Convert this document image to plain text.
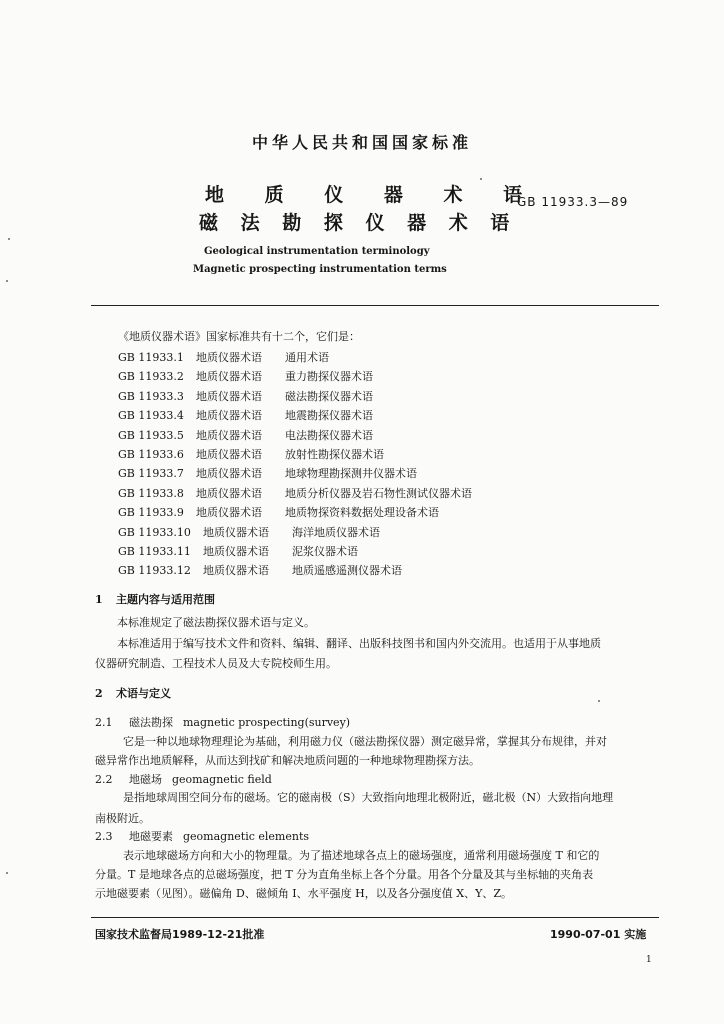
中华人民共和国国家标准
地 质 仪 器 术 语
磁 法 勘 探 仪 器 术 语
GB 11933.3—89
Geological instrumentation terminology
Magnetic prospecting instrumentation terms
《地质仪器术语》国家标准共有十二个，它们是：
GB 11933.1 地质仪器术语 通用术语
GB 11933.2 地质仪器术语 重力勘探仪器术语
GB 11933.3 地质仪器术语 磁法勘探仪器术语
GB 11933.4 地质仪器术语 地震勘探仪器术语
GB 11933.5 地质仪器术语 电法勘探仪器术语
GB 11933.6 地质仪器术语 放射性勘探仪器术语
GB 11933.7 地质仪器术语 地球物理勘探测井仪器术语
GB 11933.8 地质仪器术语 地质分析仪器及岩石物性测试仪器术语
GB 11933.9 地质仪器术语 地质物探资料数据处理设备术语
GB 11933.10 地质仪器术语 海洋地质仪器术语
GB 11933.11 地质仪器术语 泥浆仪器术语
GB 11933.12 地质仪器术语 地质遥感遥测仪器术语
1 主题内容与适用范围
本标准规定了磁法勘探仪器术语与定义。
本标准适用于编写技术文件和资料、编辑、翻译、出版科技图书和国内外交流用。也适用于从事地质
仪器研究制造、工程技术人员及大专院校师生用。
2 术语与定义
2.1 磁法勘探 magnetic prospecting(survey)
它是一种以地球物理理论为基础，利用磁力仪（磁法勘探仪器）测定磁异常，掌握其分布规律，并对
磁异常作出地质解释，从而达到找矿和解决地质问题的一种地球物理勘探方法。
2.2 地磁场 geomagnetic field
是指地球周围空间分布的磁场。它的磁南极（S）大致指向地理北极附近，磁北极（N）大致指向地理
南极附近。
2.3 地磁要素 geomagnetic elements
表示地球磁场方向和大小的物理量。为了描述地球各点上的磁场强度，通常利用磁场强度 T 和它的
分量。T 是地球各点的总磁场强度，把 T 分为直角坐标上各个分量。用各个分量及其与坐标轴的夹角表
示地磁要素（见图）。磁偏角 D、磁倾角 I、水平强度 H，以及各分强度值 X、Y、Z。
国家技术监督局1989-12-21批准	1990-07-01 实施
1
